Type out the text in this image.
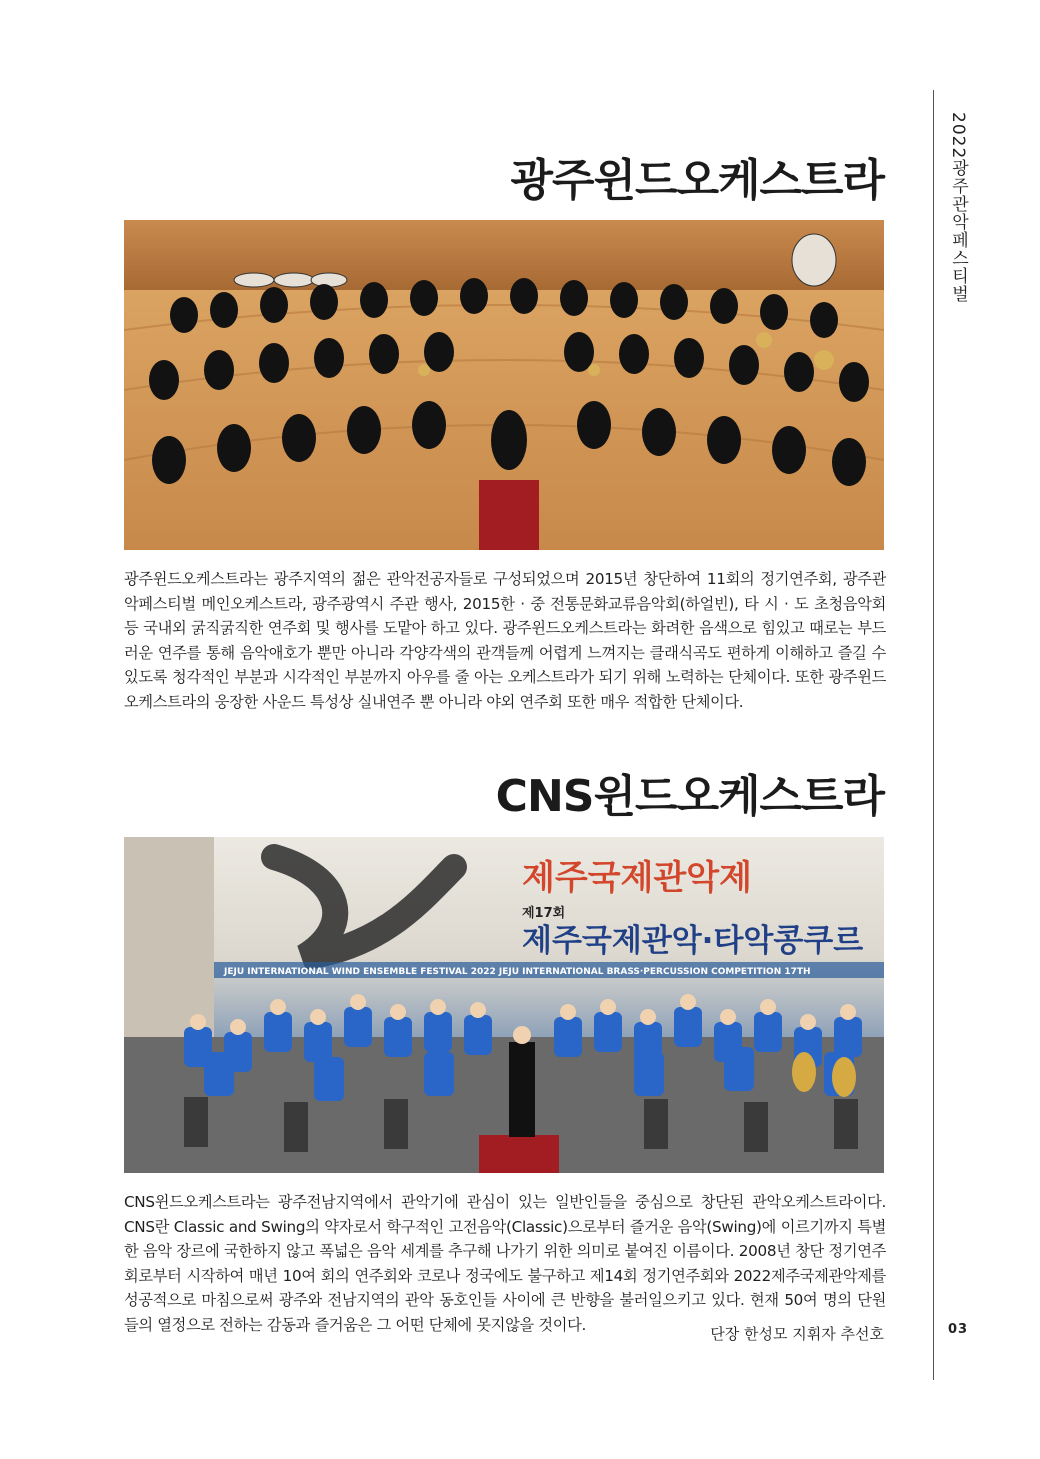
2022광주관악페스티벌
광주윈드오케스트라

광주윈드오케스트라는 광주지역의 젊은 관악전공자들로 구성되었으며 2015년 창단하여 11회의 정기연주회, 광주관악페스티벌 메인오케스트라, 광주광역시 주관 행사, 2015한 · 중 전통문화교류음악회(하얼빈), 타 시 · 도 초청음악회 등 국내외 굵직굵직한 연주회 및 행사를 도맡아 하고 있다. 광주윈드오케스트라는 화려한 음색으로 힘있고 때로는 부드러운 연주를 통해 음악애호가 뿐만 아니라 각양각색의 관객들께 어렵게 느껴지는 클래식곡도 편하게 이해하고 즐길 수 있도록 청각적인 부분과 시각적인 부분까지 아우를 줄 아는 오케스트라가 되기 위해 노력하는 단체이다. 또한 광주윈드오케스트라의 웅장한 사운드 특성상 실내연주 뿐 아니라 야외 연주회 또한 매우 적합한 단체이다.

CNS윈드오케스트라
제주국제관악제
제17회
제주국제관악·타악콩쿠르
JEJU INTERNATIONAL WIND ENSEMBLE FESTIVAL 2022 JEJU INTERNATIONAL BRASS·PERCUSSION COMPETITION 17TH

CNS윈드오케스트라는 광주전남지역에서 관악기에 관심이 있는 일반인들을 중심으로 창단된 관악오케스트라이다. CNS란 Classic and Swing의 약자로서 학구적인 고전음악(Classic)으로부터 즐거운 음악(Swing)에 이르기까지 특별한 음악 장르에 국한하지 않고 폭넓은 음악 세계를 추구해 나가기 위한 의미로 붙여진 이름이다. 2008년 창단 정기연주회로부터 시작하여 매년 10여 회의 연주회와 코로나 정국에도 불구하고 제14회 정기연주회와 2022제주국제관악제를 성공적으로 마침으로써 광주와 전남지역의 관악 동호인들 사이에 큰 반향을 불러일으키고 있다. 현재 50여 명의 단원들의 열정으로 전하는 감동과 즐거움은 그 어떤 단체에 못지않을 것이다.

단장 한성모 지휘자 추선호	03
